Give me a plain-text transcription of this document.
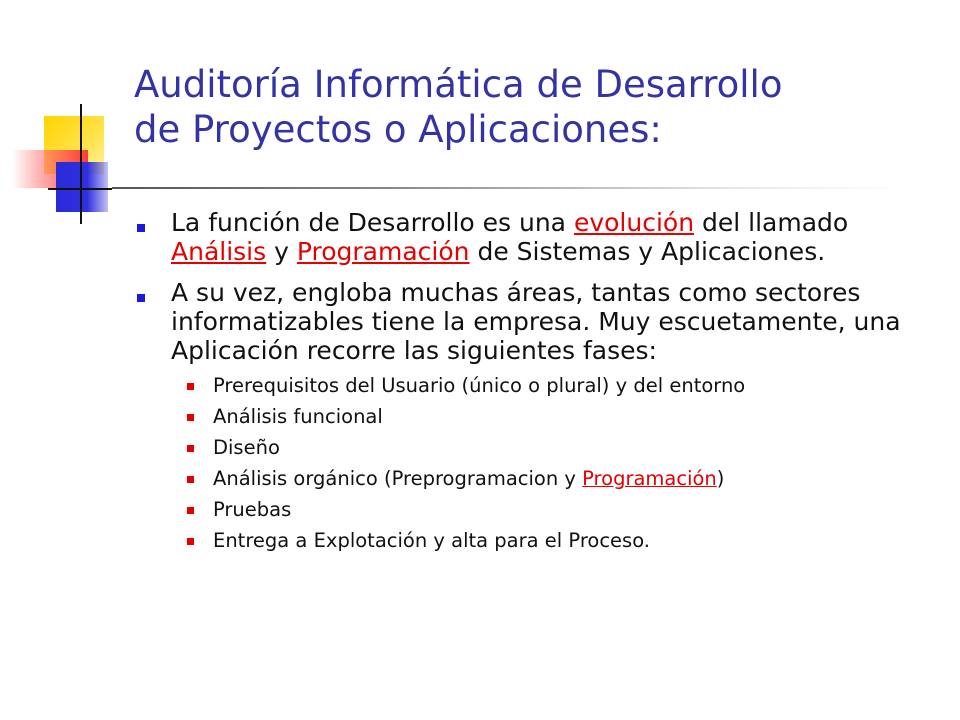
Auditoría Informática de Desarrollo
de Proyectos o Aplicaciones:
La función de Desarrollo es una evolución del llamado Análisis y Programación de Sistemas y Aplicaciones.
A su vez, engloba muchas áreas, tantas como sectores informatizables tiene la empresa. Muy escuetamente, una Aplicación recorre las siguientes fases:
Prerequisitos del Usuario (único o plural) y del entorno
Análisis funcional
Diseño
Análisis orgánico (Preprogramacion y Programación)
Pruebas
Entrega a Explotación y alta para el Proceso.
